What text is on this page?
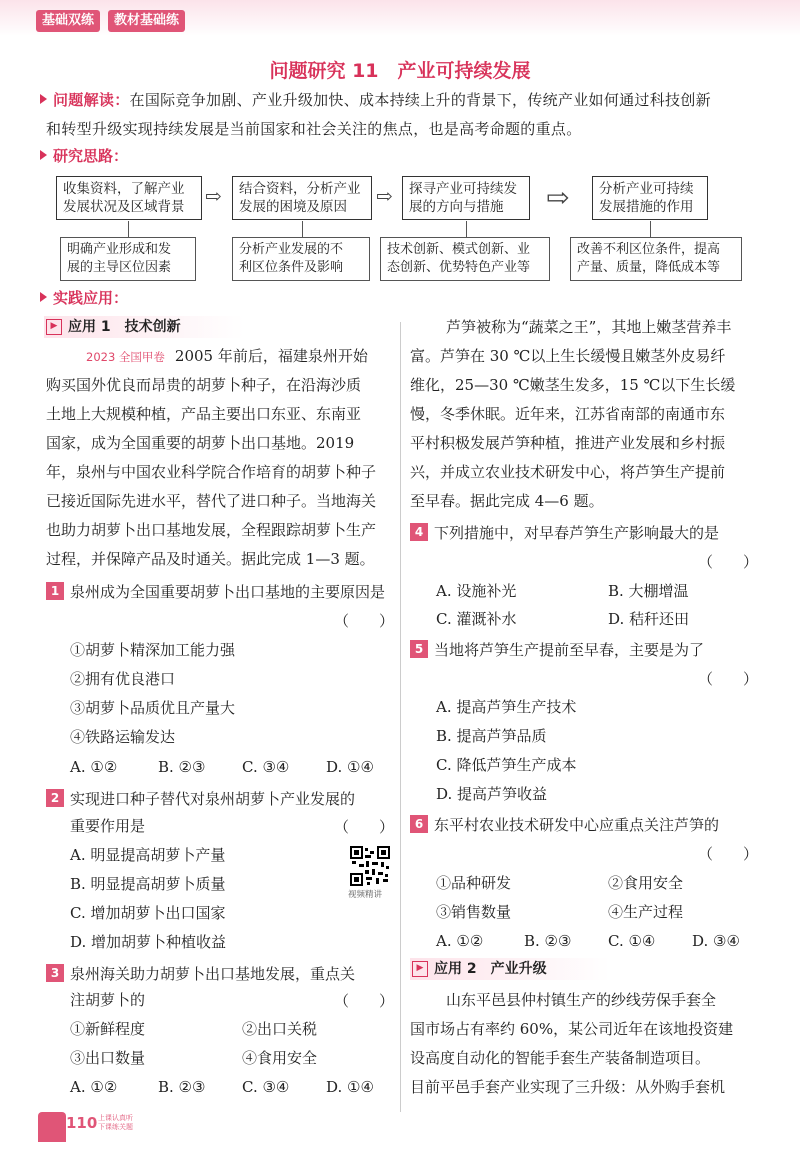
基础双练	教材基础练
问题研究 11　产业可持续发展
问题解读：在国际竞争加剧、产业升级加快、成本持续上升的背景下，传统产业如何通过科技创新
和转型升级实现持续发展是当前国家和社会关注的焦点，也是高考命题的重点。
研究思路：
收集资料，了解产业
发展状况及区域背景	⇨ 结合资料，分析产业
发展的困境及原因	⇨ 探寻产业可持续发
展的方向与措施	⇨ 分析产业可持续
发展措施的作用
明确产业形成和发
展的主导区位因素
分析产业发展的不
利区位条件及影响
技术创新、模式创新、业
态创新、优势特色产业等
改善不利区位条件，提高
产量、质量，降低成本等
实践应用：
▶ 应用 1　技术创新
2023 全国甲卷 2005 年前后，福建泉州开始
购买国外优良而昂贵的胡萝卜种子，在沿海沙质
土地上大规模种植，产品主要出口东亚、东南亚
国家，成为全国重要的胡萝卜出口基地。2019
年，泉州与中国农业科学院合作培育的胡萝卜种子
已接近国际先进水平，替代了进口种子。当地海关
也助力胡萝卜出口基地发展，全程跟踪胡萝卜生产
过程，并保障产品及时通关。据此完成 1—3 题。
1 泉州成为全国重要胡萝卜出口基地的主要原因是
（　　）
①胡萝卜精深加工能力强
②拥有优良港口
③胡萝卜品质优且产量大
④铁路运输发达
A. ①②	B. ②③ C. ③④ D. ①④
2 实现进口种子替代对泉州胡萝卜产业发展的
重要作用是	（　　）
A. 明显提高胡萝卜产量
B. 明显提高胡萝卜质量
C. 增加胡萝卜出口国家
D. 增加胡萝卜种植收益
视频精讲
3 泉州海关助力胡萝卜出口基地发展，重点关
注胡萝卜的	（　　）
①新鲜程度	②出口关税
③出口数量	④食用安全
A. ①②	B. ②③ C. ③④ D. ①④
芦笋被称为“蔬菜之王”，其地上嫩茎营养丰
富。芦笋在 30 ℃以上生长缓慢且嫩茎外皮易纤
维化，25—30 ℃嫩茎生发多，15 ℃以下生长缓
慢，冬季休眠。近年来，江苏省南部的南通市东
平村积极发展芦笋种植，推进产业发展和乡村振
兴，并成立农业技术研发中心，将芦笋生产提前
至早春。据此完成 4—6 题。
4 下列措施中，对早春芦笋生产影响最大的是
（　　）
A. 设施补光	B. 大棚增温
C. 灌溉补水	D. 秸秆还田
5 当地将芦笋生产提前至早春，主要是为了
（　　）
A. 提高芦笋生产技术
B. 提高芦笋品质
C. 降低芦笋生产成本
D. 提高芦笋收益
6 东平村农业技术研发中心应重点关注芦笋的
（　　）
①品种研发	②食用安全
③销售数量	④生产过程
A. ①②	B. ②③ C. ①④ D. ③④
▶ 应用 2　产业升级
山东平邑县仲村镇生产的纱线劳保手套全
国市场占有率约 60%，某公司近年在该地投资建
设高度自动化的智能手套生产装备制造项目。
目前平邑手套产业实现了三升级：从外购手套机
110 上课认真听
下课练关题
